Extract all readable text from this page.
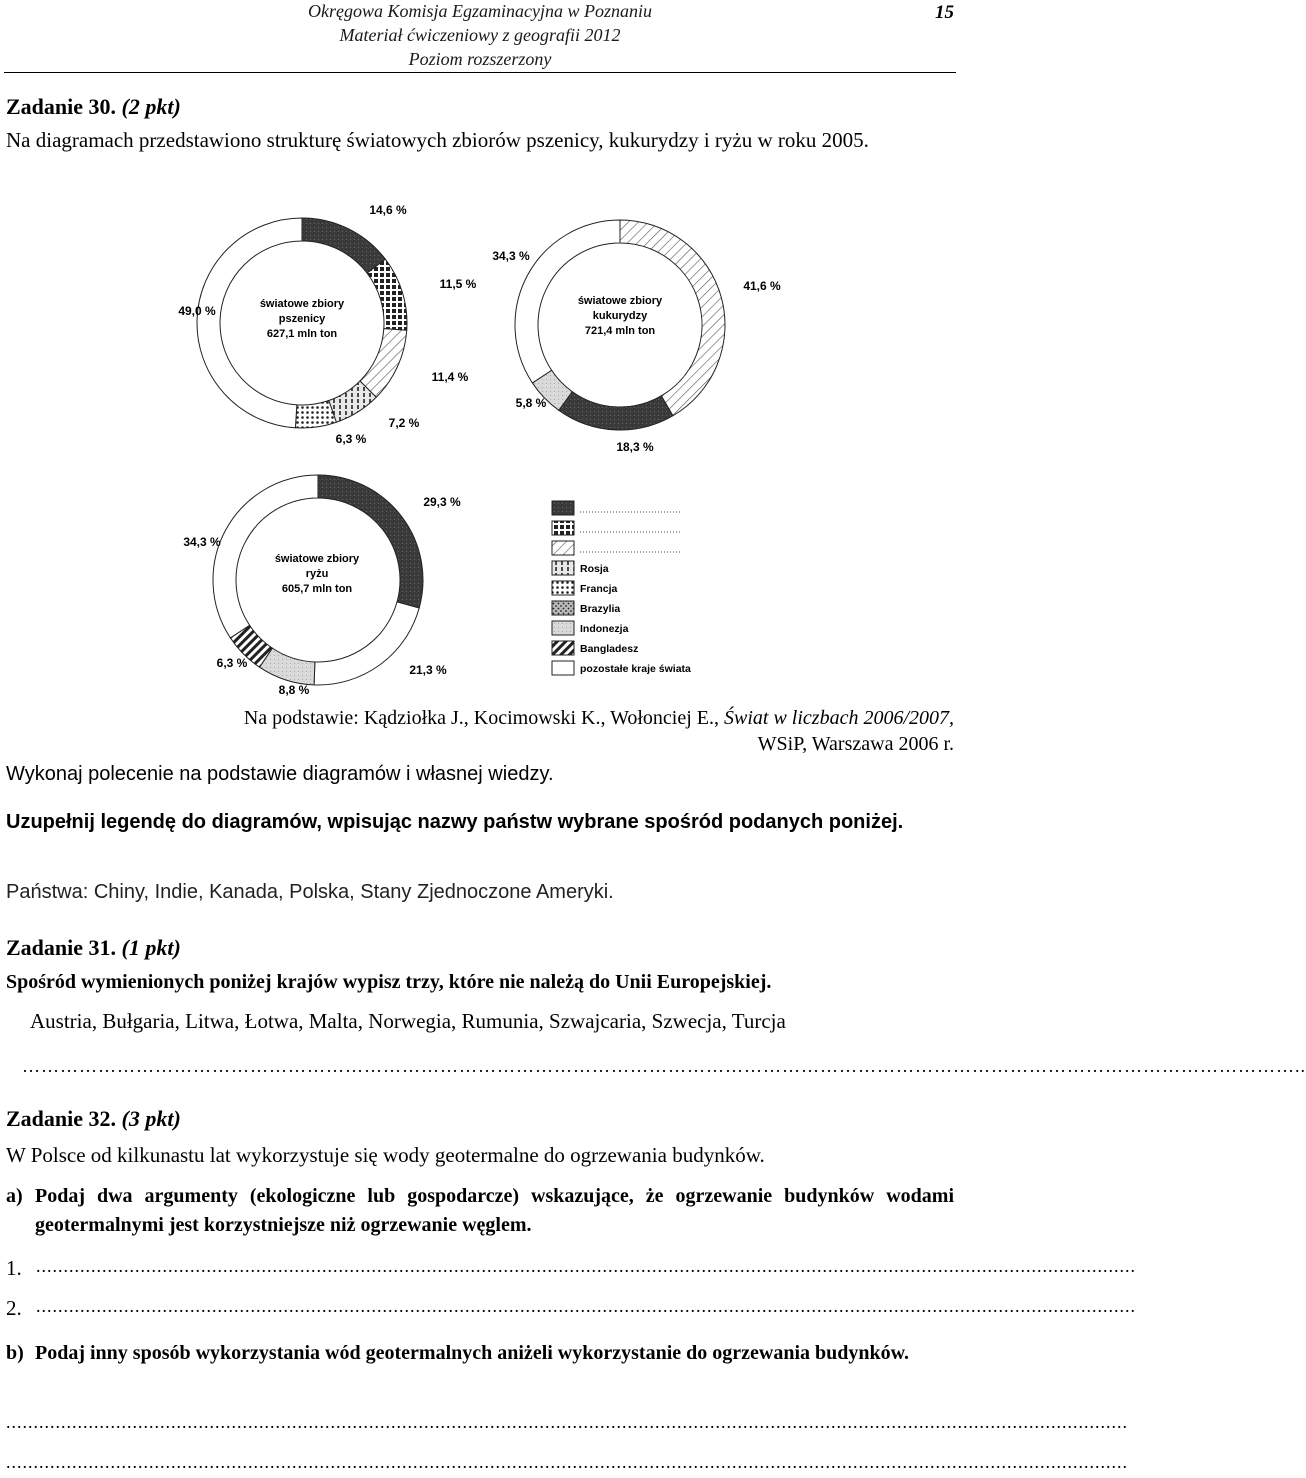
Okręgowa Komisja Egzaminacyjna w Poznaniu
Materiał ćwiczeniowy z geografii 2012
Poziom rozszerzony
15
Zadanie 30. (2 pkt)
Na diagramach przedstawiono strukturę światowych zbiorów pszenicy, kukurydzy i ryżu w roku 2005.
14,6 %
11,5 %
11,4 %
7,2 %
6,3 %
49,0 %	światowe zbiory
pszenicy
627,1 mln ton
41,6 %
18,3 %
5,8 %
34,3 %
światowe zbiory
kukurydzy
721,4 mln ton
29,3 %
21,3 %
8,8 %
6,3 %
34,3 %
światowe zbiory
ryżu
605,7 mln ton
Rosja
Francja
Brazylia
Indonezja
Bangladesz
pozostałe kraje świata
Na podstawie: Kądziołka J., Kocimowski K., Wołonciej E., Świat w liczbach 2006/2007,
WSiP, Warszawa 2006 r.
Wykonaj polecenie na podstawie diagramów i własnej wiedzy.
Uzupełnij legendę do diagramów, wpisując nazwy państw wybrane spośród podanych poniżej.
Państwa: Chiny, Indie, Kanada, Polska, Stany Zjednoczone Ameryki.
Zadanie 31. (1 pkt)
Spośród wymienionych poniżej krajów wypisz trzy, które nie należą do Unii Europejskiej.
Austria, Bułgaria, Litwa, Łotwa, Malta, Norwegia, Rumunia, Szwajcaria, Szwecja, Turcja
…………………………………………………………………………………………………………………………………………………………………………………..
Zadanie 32. (3 pkt)
W Polsce od kilkunastu lat wykorzystuje się wody geotermalne do ogrzewania budynków.
a) Podaj dwa argumenty (ekologiczne lub gospodarcze) wskazujące, że ogrzewanie budynków wodami geotermalnymi jest korzystniejsze niż ogrzewanie węglem.
1. ........................................................................................................................................................................................................
2. ........................................................................................................................................................................................................
b) Podaj inny sposób wykorzystania wód geotermalnych aniżeli wykorzystanie do ogrzewania budynków.
............................................................................................................................................................................................................
............................................................................................................................................................................................................
